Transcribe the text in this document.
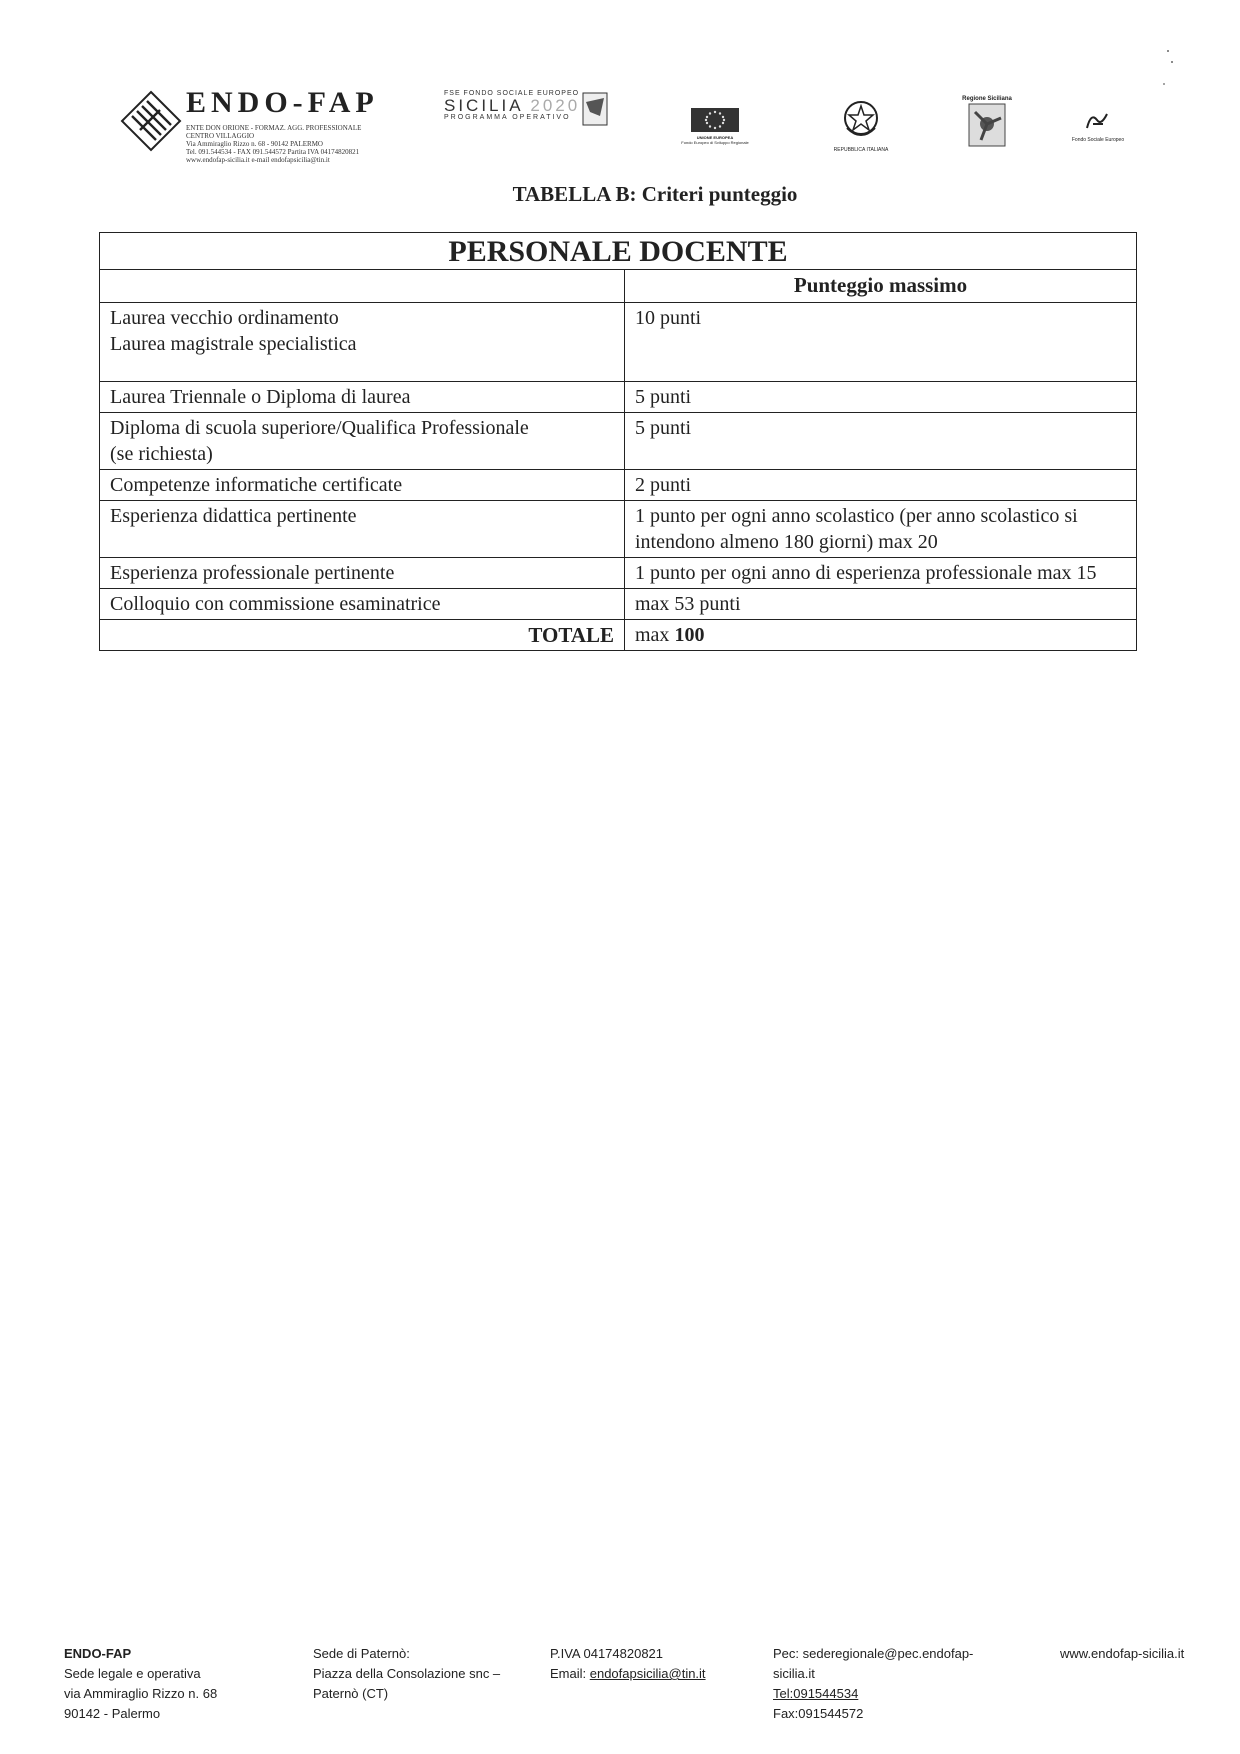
ENDO-FAP
ENTE DON ORIONE - FORMAZ. AGG. PROFESSIONALE
CENTRO VILLAGGIO
Via Ammiraglio Rizzo n. 68 - 90142 PALERMO
Tel. 091.544534 - FAX 091.544572 Partita IVA 04174820821
www.endofap-sicilia.it e-mail endofapsicilia@tin.it
FSE FONDO SOCIALE EUROPEO
SICILIA 2020
PROGRAMMA OPERATIVO
UNIONE EUROPEA
Fondo Europeo di Sviluppo Regionale
REPUBBLICA ITALIANA
Regione Siciliana
Fondo Sociale Europeo
TABELLA B: Criteri punteggio
PERSONALE DOCENTE	
	Punteggio massimo
Laurea vecchio ordinamento
Laurea magistrale specialistica	10 punti
Laurea Triennale o Diploma di laurea	5 punti
Diploma di scuola superiore/Qualifica Professionale
(se richiesta)	5 punti
Competenze informatiche certificate	2 punti
Esperienza didattica pertinente	1 punto per ogni anno scolastico (per anno scolastico si intendono almeno 180 giorni) max 20
Esperienza professionale pertinente	1 punto per ogni anno di esperienza professionale max 15
Colloquio con commissione esaminatrice	max 53 punti
TOTALE	max 100
ENDO-FAP
Sede legale e operativa
via Ammiraglio Rizzo n. 68
90142 - Palermo
Sede di Paternò:
Piazza della Consolazione snc –
Paternò (CT)
P.IVA 04174820821
Email: endofapsicilia@tin.it
Pec: sederegionale@pec.endofap-sicilia.it
Tel:091544534
Fax:091544572
www.endofap-sicilia.it
